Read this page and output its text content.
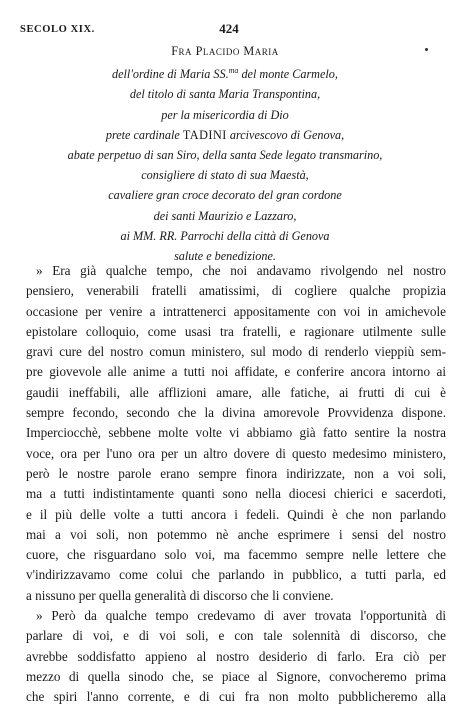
SECOLO XIX.	424
Fra Placido Maria
dell'ordine di Maria SS.$^{ma}$ del monte Carmelo,
del titolo di santa Maria Transpontina,
per la misericordia di Dio
prete cardinale TADINI arcivescovo di Genova,
abate perpetuo di san Siro, della santa Sede legato transmarino,
consigliere di stato di sua Maestà,
cavaliere gran croce decorato del gran cordone
dei santi Maurizio e Lazzaro,
ai MM. RR. Parrochi della città di Genova
salute e benedizione.
» Era già qualche tempo, che noi andavamo rivolgendo nel nostro
pensiero, venerabili fratelli amatissimi, di cogliere qualche propizia
occasione per venire a intrattenerci appositamente con voi in amichevole
epistolare colloquio, come usasi tra fratelli, e ragionare utilmente sulle
gravi cure del nostro comun ministero, sul modo di renderlo vieppiù sem-
pre giovevole alle anime a tutti noi affidate, e conferire ancora intorno ai
gaudii ineffabili, alle afflizioni amare, alle fatiche, ai frutti di cui è
sempre fecondo, secondo che la divina amorevole Provvidenza dispone.
Imperciocchè, sebbene molte volte vi abbiamo già fatto sentire la nostra
voce, ora per l'uno ora per un altro dovere di questo medesimo ministero,
però le nostre parole erano sempre finora indirizzate, non a voi soli,
ma a tutti indistintamente quanti sono nella diocesi chierici e sacerdoti,
e il più delle volte a tutti ancora i fedeli. Quindi è che non parlando
mai a voi soli, non potemmo nè anche esprimere i sensi del nostro
cuore, che risguardano solo voi, ma facemmo sempre nelle lettere che
v'indirizzavamo come colui che parlando in pubblico, a tutti parla, ed
a nissuno per quella generalità di discorso che li conviene.
» Però da qualche tempo credevamo di aver trovata l'opportunità di
parlare di voi, e di voi soli, e con tale solennità di discorso, che
avrebbe soddisfatto appieno al nostro desiderio di farlo. Era ciò per
mezzo di quella sinodo che, se piace al Signore, convocheremo prima
che spiri l'anno corrente, e di cui fra non molto pubblicheremo alla
